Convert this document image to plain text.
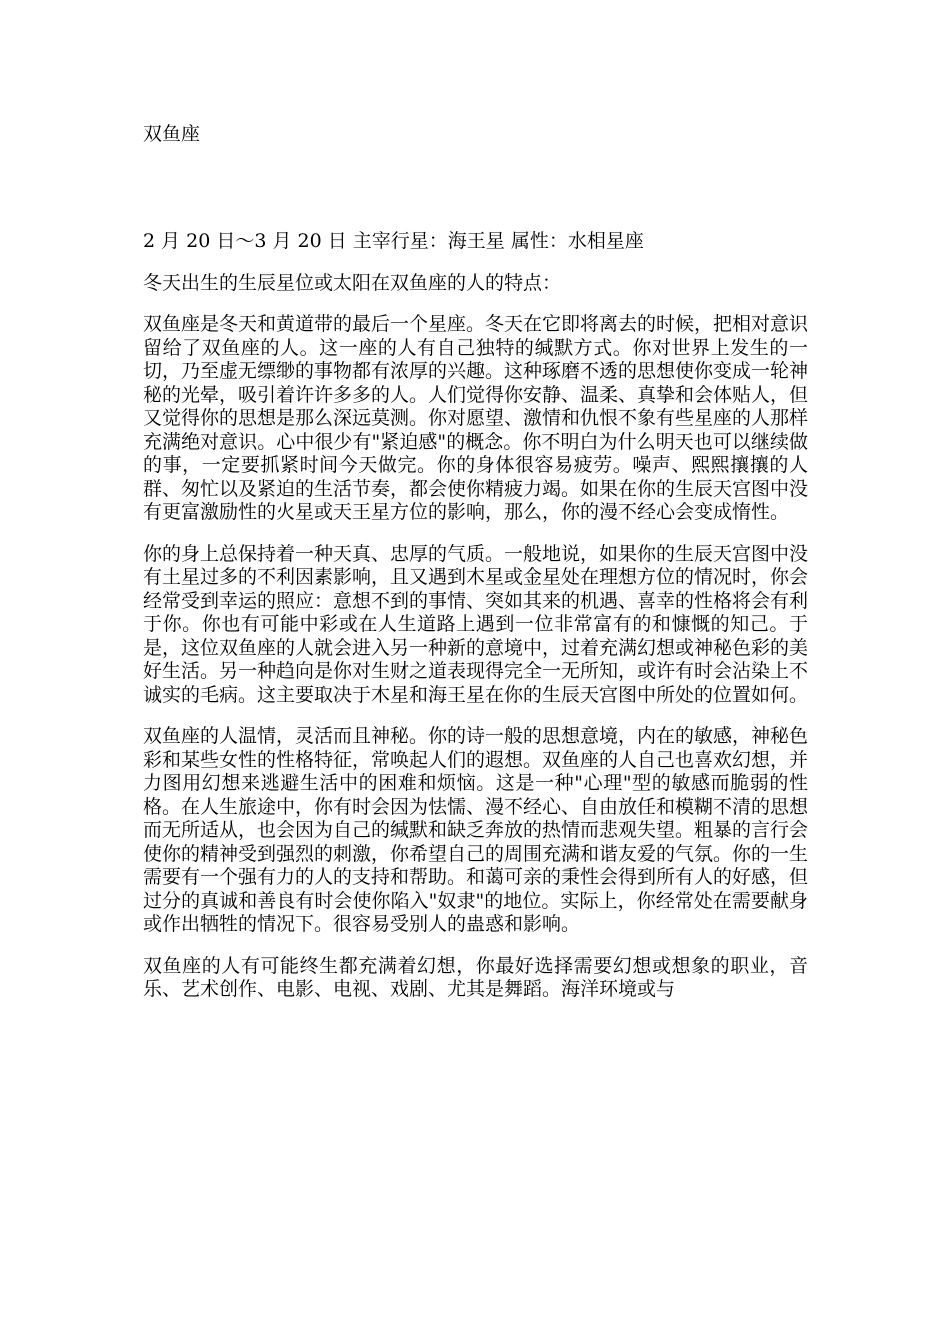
双鱼座

2 月 20 日～3 月 20 日 主宰行星：海王星 属性：水相星座

冬天出生的生辰星位或太阳在双鱼座的人的特点：

双鱼座是冬天和黄道带的最后一个星座。冬天在它即将离去的时候，把相对意识留给了双鱼座的人。这一座的人有自己独特的缄默方式。你对世界上发生的一切，乃至虚无缥缈的事物都有浓厚的兴趣。这种琢磨不透的思想使你变成一轮神秘的光晕，吸引着许许多多的人。人们觉得你安静、温柔、真挚和会体贴人，但又觉得你的思想是那么深远莫测。你对愿望、激情和仇恨不象有些星座的人那样充满绝对意识。心中很少有"紧迫感"的概念。你不明白为什么明天也可以继续做的事，一定要抓紧时间今天做完。你的身体很容易疲劳。噪声、熙熙攘攘的人群、匆忙以及紧迫的生活节奏，都会使你精疲力竭。如果在你的生辰天宫图中没有更富激励性的火星或天王星方位的影响，那么，你的漫不经心会变成惰性。

你的身上总保持着一种天真、忠厚的气质。一般地说，如果你的生辰天宫图中没有土星过多的不利因素影响，且又遇到木星或金星处在理想方位的情况时，你会经常受到幸运的照应：意想不到的事情、突如其来的机遇、喜幸的性格将会有利于你。你也有可能中彩或在人生道路上遇到一位非常富有的和慷慨的知己。于是，这位双鱼座的人就会进入另一种新的意境中，过着充满幻想或神秘色彩的美好生活。另一种趋向是你对生财之道表现得完全一无所知，或许有时会沾染上不诚实的毛病。这主要取决于木星和海王星在你的生辰天宫图中所处的位置如何。

双鱼座的人温情，灵活而且神秘。你的诗一般的思想意境，内在的敏感，神秘色彩和某些女性的性格特征，常唤起人们的遐想。双鱼座的人自己也喜欢幻想，并力图用幻想来逃避生活中的困难和烦恼。这是一种"心理"型的敏感而脆弱的性格。在人生旅途中，你有时会因为怯懦、漫不经心、自由放任和模糊不清的思想而无所适从，也会因为自己的缄默和缺乏奔放的热情而悲观失望。粗暴的言行会使你的精神受到强烈的刺激，你希望自己的周围充满和谐友爱的气氛。你的一生需要有一个强有力的人的支持和帮助。和蔼可亲的秉性会得到所有人的好感，但过分的真诚和善良有时会使你陷入"奴隶"的地位。实际上，你经常处在需要献身或作出牺牲的情况下。很容易受别人的蛊惑和影响。

双鱼座的人有可能终生都充满着幻想，你最好选择需要幻想或想象的职业，音乐、艺术创作、电影、电视、戏剧、尤其是舞蹈。海洋环境或与
